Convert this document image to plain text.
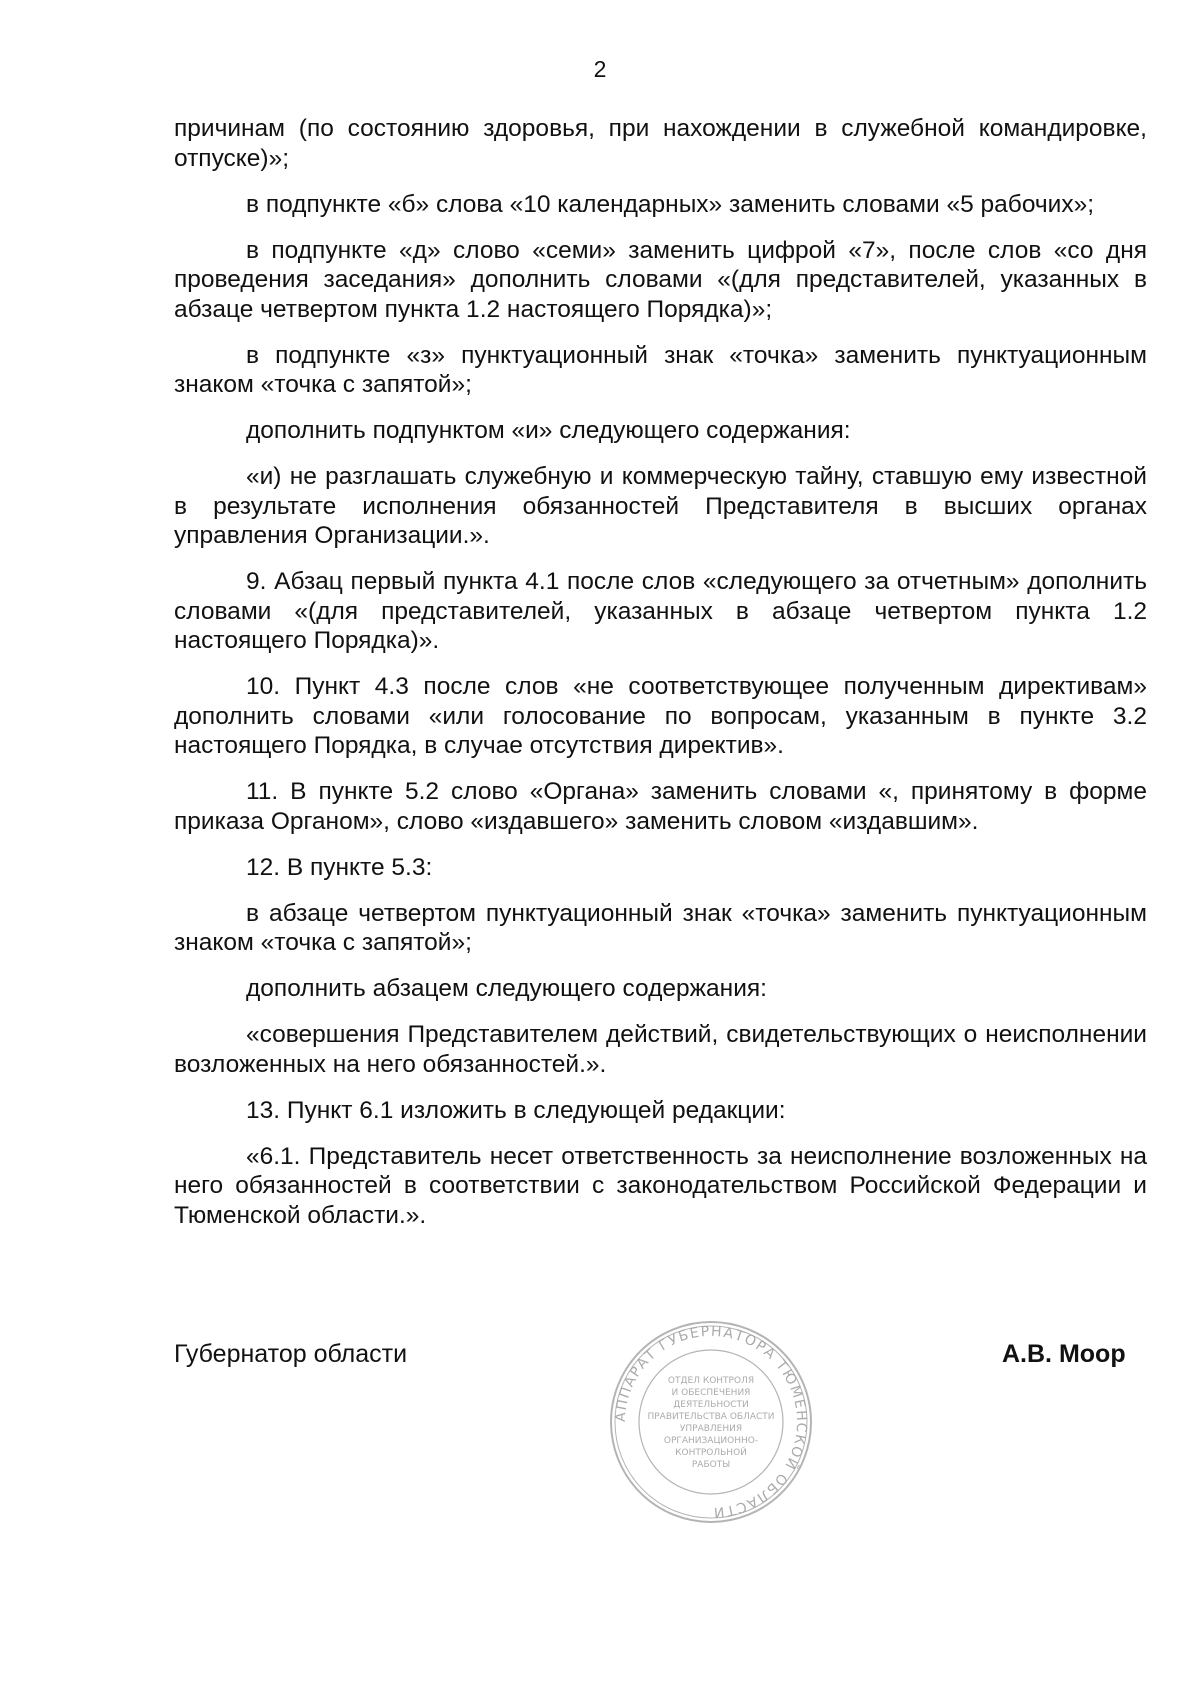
2

причинам (по состоянию здоровья, при нахождении в служебной командировке, отпуске)»;

в подпункте «б» слова «10 календарных» заменить словами «5 рабочих»;

в подпункте «д» слово «семи» заменить цифрой «7», после слов «со дня проведения заседания» дополнить словами «(для представителей, указанных в абзаце четвертом пункта 1.2 настоящего Порядка)»;

в подпункте «з» пунктуационный знак «точка» заменить пунктуационным знаком «точка с запятой»;

дополнить подпунктом «и» следующего содержания:

«и) не разглашать служебную и коммерческую тайну, ставшую ему известной в результате исполнения обязанностей Представителя в высших органах управления Организации.».

9. Абзац первый пункта 4.1 после слов «следующего за отчетным» дополнить словами «(для представителей, указанных в абзаце четвертом пункта 1.2 настоящего Порядка)».

10. Пункт 4.3 после слов «не соответствующее полученным директивам» дополнить словами «или голосование по вопросам, указанным в пункте 3.2 настоящего Порядка, в случае отсутствия директив».

11. В пункте 5.2 слово «Органа» заменить словами «, принятому в форме приказа Органом», слово «издавшего» заменить словом «издавшим».

12. В пункте 5.3:

в абзаце четвертом пунктуационный знак «точка» заменить пунктуационным знаком «точка с запятой»;

дополнить абзацем следующего содержания:

«совершения Представителем действий, свидетельствующих о неисполнении возложенных на него обязанностей.».

13. Пункт 6.1 изложить в следующей редакции:

«6.1. Представитель несет ответственность за неисполнение возложенных на него обязанностей в соответствии с законодательством Российской Федерации и Тюменской области.».

Губернатор области	А.В. Моор
АППАРАТ ГУБЕРНАТОРА ТЮМЕНСКОЙ ОБЛАСТИ
ОТДЕЛ КОНТРОЛЯ
И ОБЕСПЕЧЕНИЯ
ДЕЯТЕЛЬНОСТИ
ПРАВИТЕЛЬСТВА ОБЛАСТИ
УПРАВЛЕНИЯ
ОРГАНИЗАЦИОННО-
КОНТРОЛЬНОЙ
РАБОТЫ
